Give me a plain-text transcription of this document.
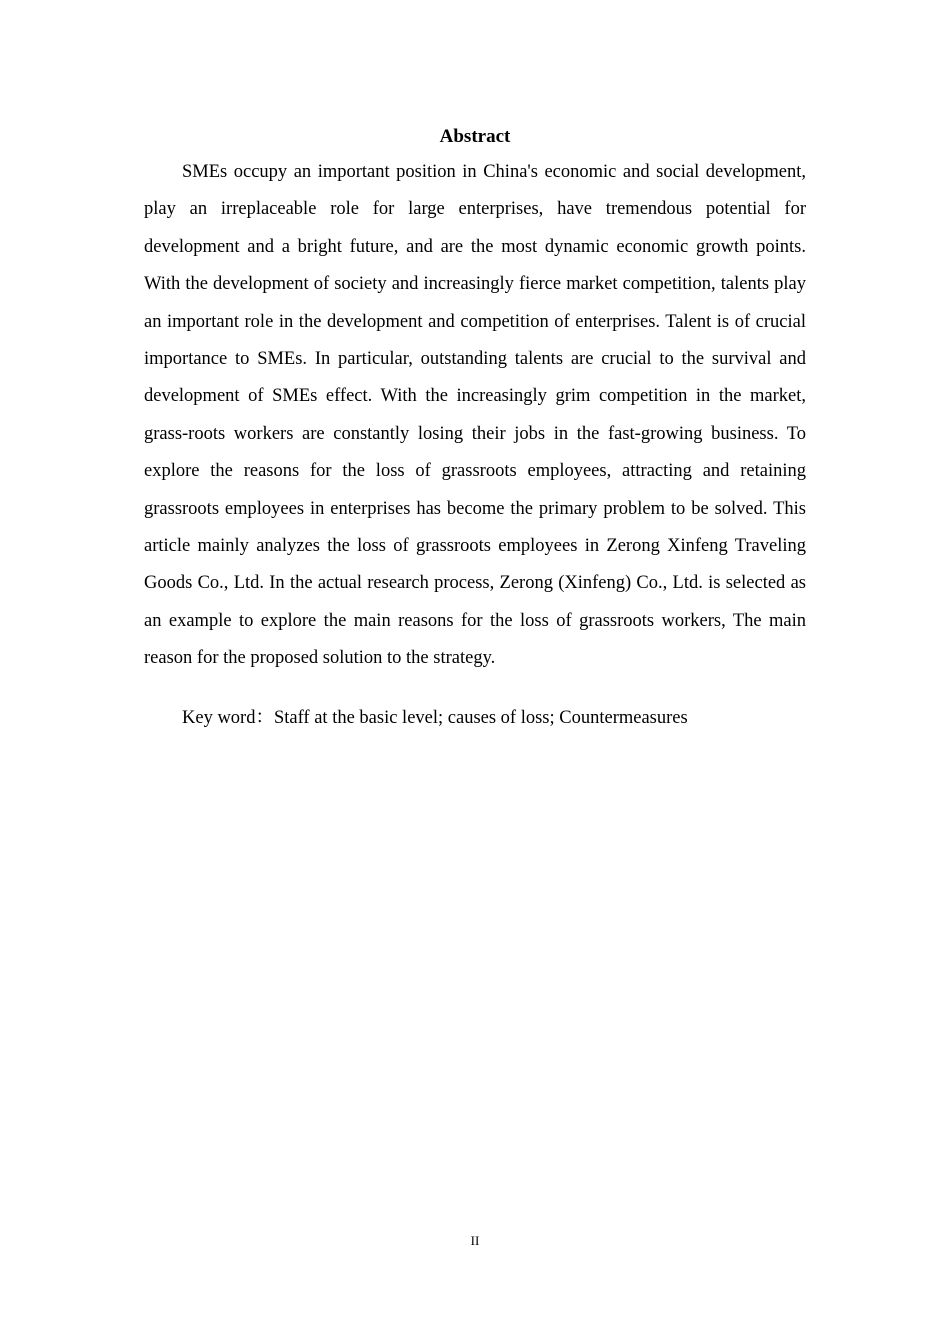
Abstract

SMEs occupy an important position in China's economic and social development, play an irreplaceable role for large enterprises, have tremendous potential for development and a bright future, and are the most dynamic economic growth points. With the development of society and increasingly fierce market competition, talents play an important role in the development and competition of enterprises. Talent is of crucial importance to SMEs. In particular, outstanding talents are crucial to the survival and development of SMEs effect. With the increasingly grim competition in the market, grass-roots workers are constantly losing their jobs in the fast-growing business. To explore the reasons for the loss of grassroots employees, attracting and retaining grassroots employees in enterprises has become the primary problem to be solved. This article mainly analyzes the loss of grassroots employees in Zerong Xinfeng Traveling Goods Co., Ltd. In the actual research process, Zerong (Xinfeng) Co., Ltd. is selected as an example to explore the main reasons for the loss of grassroots workers, The main reason for the proposed solution to the strategy.

Key word：Staff at the basic level; causes of loss; Countermeasures
II
